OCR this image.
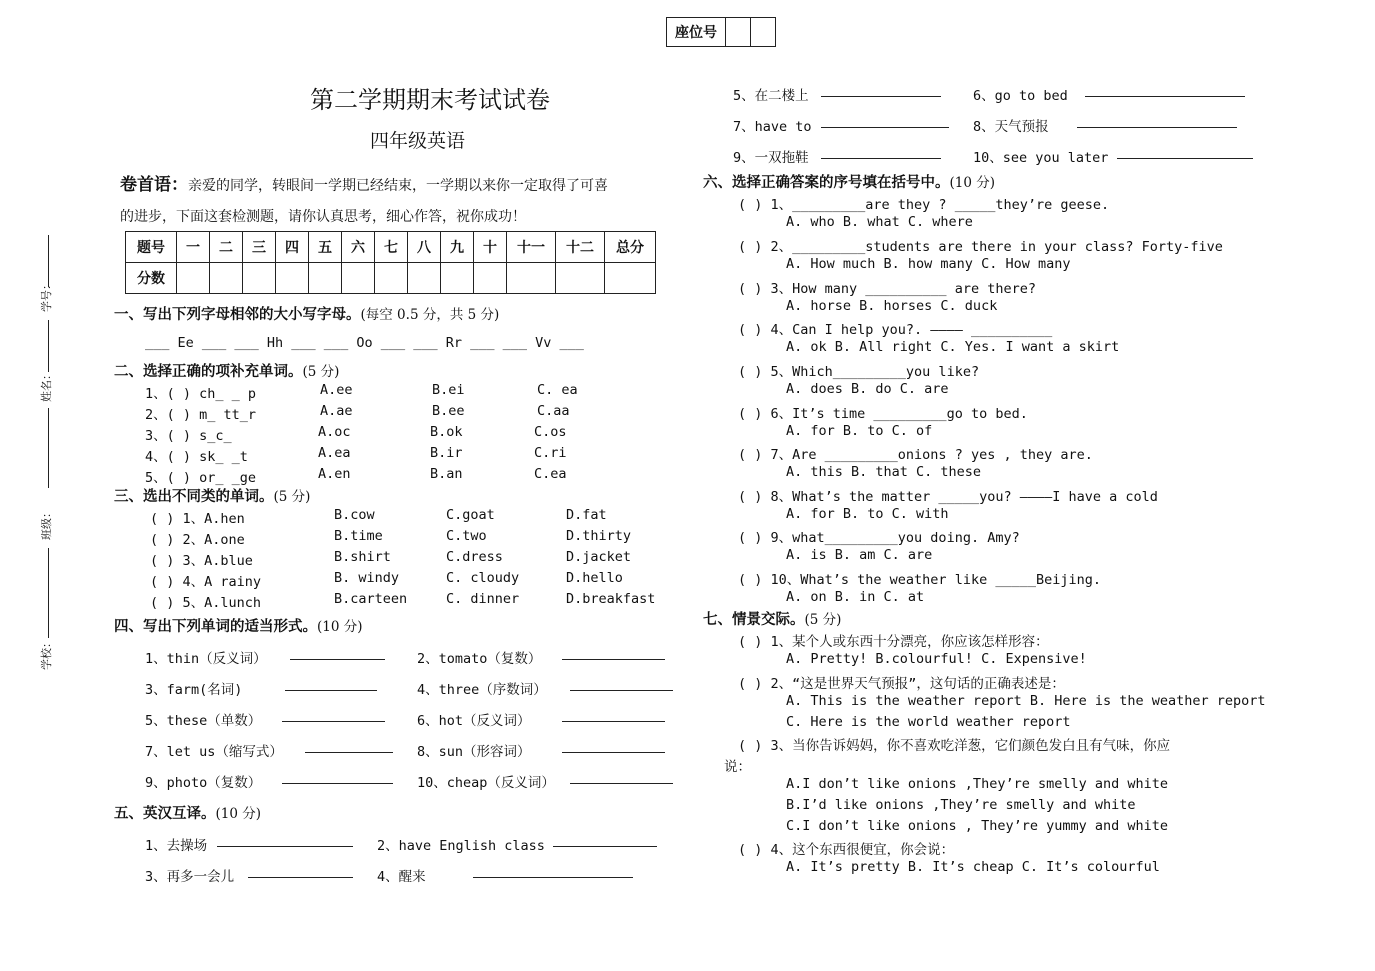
座位号		
学号：
姓名：
班级：
学校：
第二学期期末考试试卷
四年级英语
卷首语：亲爱的同学，转眼间一学期已经结束，一学期以来你一定取得了可喜
的进步，下面这套检测题，请你认真思考，细心作答，祝你成功！
题号	一	二	三	四	五	六	七	八	九	十	十一	十二	总分
分数													
一、写出下列字母相邻的大小写字母。(每空 0.5 分，共 5 分)
___ Ee ___ ___ Hh ___ ___ Oo ___ ___ Rr ___ ___ Vv ___
二、选择正确的项补充单词。(5 分)
1、( ) ch_ _ p	A.ee	B.ei	C. ea
2、( ) m_ tt_r	A.ae	B.ee	C.aa
3、( ) s_c_	A.oc	B.ok	C.os
4、( ) sk_ _t	A.ea	B.ir	C.ri
5、( ) or_ _ge	A.en	B.an	C.ea
三、选出不同类的单词。(5 分)
( ) 1、A.hen	B.cow	C.goat	D.fat
( ) 2、A.one	B.time	C.two	D.thirty
( ) 3、A.blue	B.shirt	C.dress	D.jacket
( ) 4、A rainy	B. windy	C. cloudy	D.hello
( ) 5、A.lunch	B.carteen	C. dinner	D.breakfast
四、写出下列单词的适当形式。(10 分)
1、thin（反义词）	2、tomato（复数）
3、farm(名词)	4、three（序数词）
5、these（单数）	6、hot（反义词）
7、let us（缩写式）	8、sun（形容词）
9、photo（复数）	10、cheap（反义词）
五、英汉互译。(10 分)
1、去操场	2、have English class
3、再多一会儿	4、醒来
5、在二楼上	6、go to bed
7、have to	8、天气预报
9、一双拖鞋	10、see you later
六、选择正确答案的序号填在括号中。(10 分)
( ) 1、_________are they ? _____they’re geese.
A. who B. what C. where
( ) 2、_________students are there in your class? Forty-five
A. How much B. how many C. How many
( ) 3、How many __________ are there?
A. horse B. horses C. duck
( ) 4、Can I help you?. ———— __________
A. ok B. All right C. Yes. I want a skirt
( ) 5、Which_________you like?
A. does B. do C. are
( ) 6、It’s time _________go to bed.
A. for B. to C. of
( ) 7、Are _________onions ? yes , they are.
A. this B. that C. these
( ) 8、What’s the matter _____you? ————I have a cold
A. for B. to C. with
( ) 9、what_________you doing. Amy?
A. is B. am C. are
( ) 10、What’s the weather like _____Beijing.
A. on B. in C. at
七、情景交际。(5 分)
( ) 1、某个人或东西十分漂亮，你应该怎样形容：
A. Pretty! B.colourful! C. Expensive!
( ) 2、“这是世界天气预报”，这句话的正确表述是：
A. This is the weather report B. Here is the weather report
C. Here is the world weather report
( ) 3、当你告诉妈妈，你不喜欢吃洋葱，它们颜色发白且有气味，你应
说：
A.I don’t like onions ,They’re smelly and white
B.I’d like onions ,They’re smelly and white
C.I don’t like onions , They’re yummy and white
( ) 4、这个东西很便宜，你会说：
A. It’s pretty B. It’s cheap C. It’s colourful
